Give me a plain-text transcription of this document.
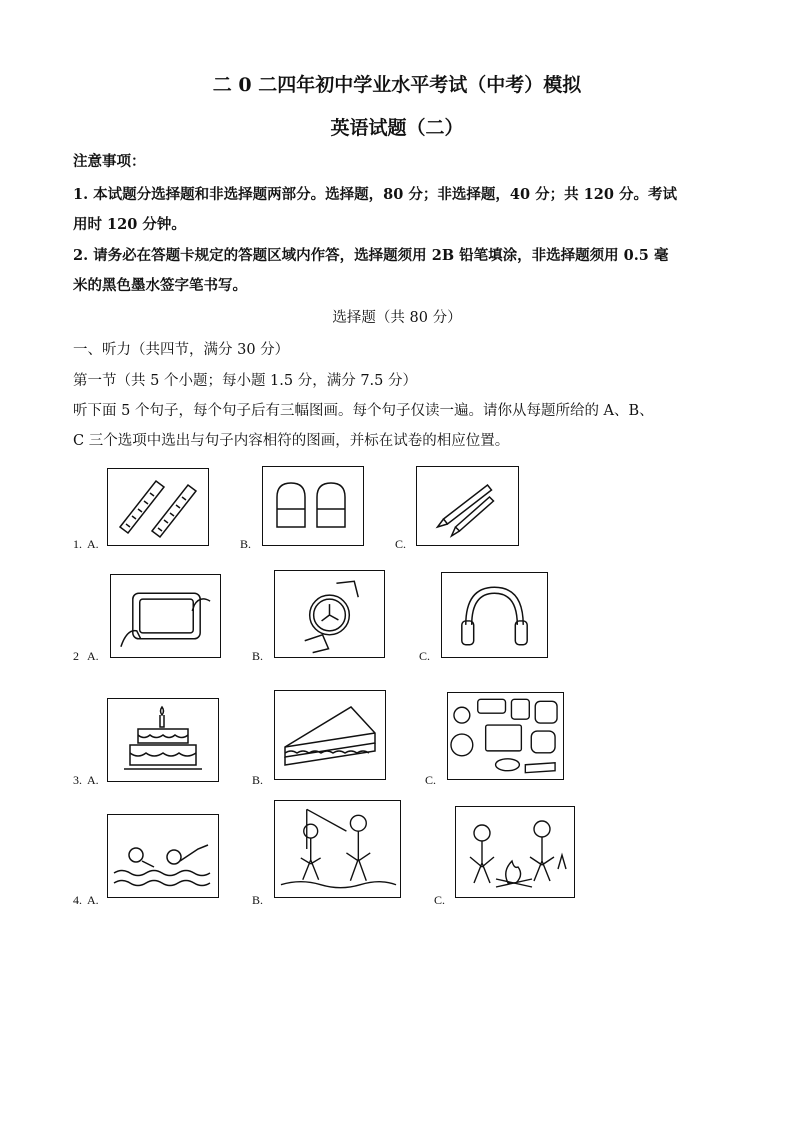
二 0 二四年初中学业水平考试（中考）模拟
英语试题（二）
注意事项：
1. 本试题分选择题和非选择题两部分。选择题，80 分；非选择题，40 分；共 120 分。考试
用时 120 分钟。
2. 请务必在答题卡规定的答题区域内作答，选择题须用 2B 铅笔填涂，非选择题须用 0.5 毫
米的黑色墨水签字笔书写。
选择题（共 80 分）
一、听力（共四节，满分 30 分）
第一节（共 5 个小题；每小题 1.5 分，满分 7.5 分）
听下面 5 个句子，每个句子后有三幅图画。每个句子仅读一遍。请你从每题所给的 A、B、
C 三个选项中选出与句子内容相符的图画，并标在试卷的相应位置。
1. A.	B.	C.
2 A.	B.	C.
3. A.	B.	C.
4. A.	B.	C.
